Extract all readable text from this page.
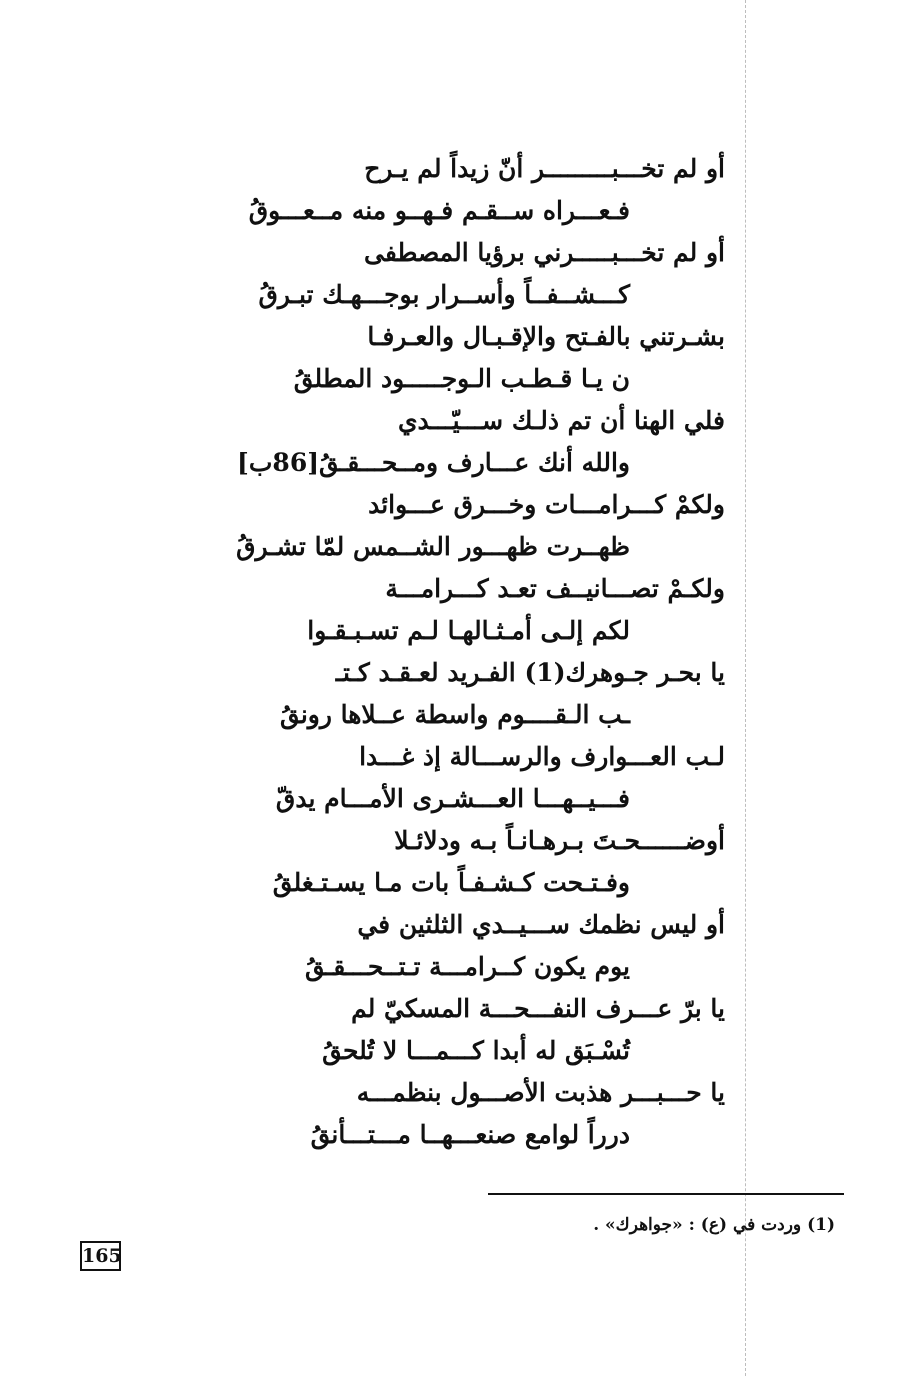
أو لم تخـــبـــــــــر أنّ زيداً لم يـرح
فـعـــراه ســقـم فـهــو منه مــعـــوقُ
أو لم تخـــبـــــرني برؤيا المصطفى
كـــشــفــاً وأســرار بوجـــهـك تبـرقُ
بشـرتني بالفـتح والإقـبـال والعـرفـا
ن يـا قـطـب الـوجـــــود المطلقُ
فلي الهنا أن تم ذلـك ســـيّـــدي
والله أنك عـــارف ومــحـــقـقُ[86ب]
ولكمْ كـــرامـــات وخـــرق عـــوائد
ظهــرت ظهـــور الشــمس لمّا تشـرقُ
ولكـمْ تصـــانيــف تعـد كـــرامـــة
لكم إلـى أمـثـالهـا لـم تسـبـقـوا
يا بحـر جـوهرك(1) الفـريد لعـقـد كـتـ
ـب الـقــــوم واسطة عــلاها رونقُ
لـب العـــوارف والرســـالة إذ غـــدا
فـــيــهـــا العـــشـرى الأمـــام يدقّ
أوضــــــحـتَ بـرهـانـاً بـه ودلائـلا
وفـتـحت كـشـفـاً بات مـا يسـتـغلقُ
أو ليس نظمك ســـيــدي الثلثين في
يوم يكون كــرامـــة تـتــحـــقـقُ
يا برّ عـــرف النفـــحـــة المسكيّ لم
تُسْـبَق له أبدا كـــمـــا لا تُلحقُ
يا حـــبـــر هذبت الأصـــول بنظمـــه
درراً لوامع صنعـــهــا مـــتـــأنقُ
(1) وردت في (ع) : «جواهرك» .
165
